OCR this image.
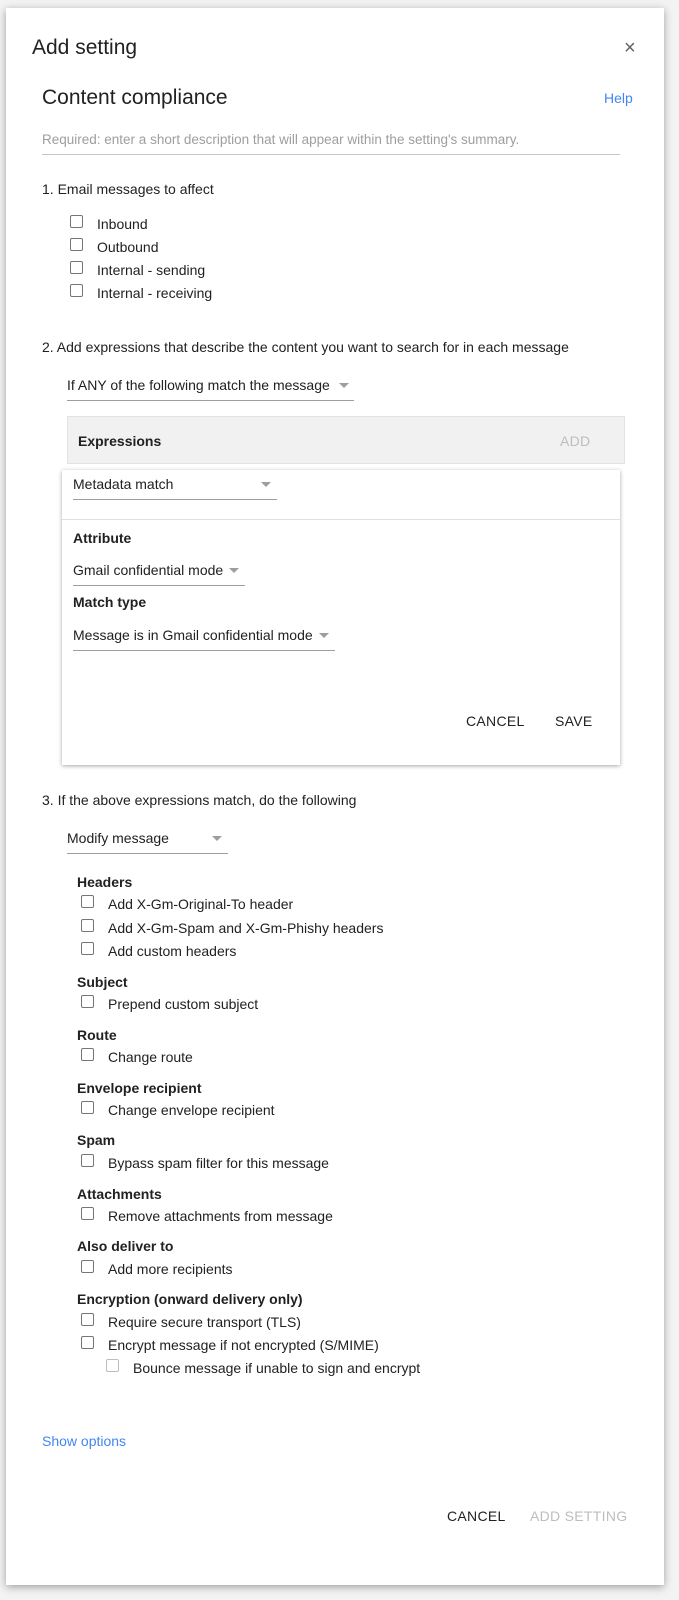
Add setting	×
Content compliance	Help
Required: enter a short description that will appear within the setting's summary.
1. Email messages to affect
Inbound
Outbound
Internal - sending
Internal - receiving
2. Add expressions that describe the content you want to search for in each message
If ANY of the following match the message
Expressions	ADD
Metadata match
Attribute
Gmail confidential mode
Match type
Message is in Gmail confidential mode
CANCEL SAVE
3. If the above expressions match, do the following
Modify message
Headers
Add X-Gm-Original-To header
Add X-Gm-Spam and X-Gm-Phishy headers
Add custom headers
Subject
Prepend custom subject
Route
Change route
Envelope recipient
Change envelope recipient
Spam
Bypass spam filter for this message
Attachments
Remove attachments from message
Also deliver to
Add more recipients
Encryption (onward delivery only)
Require secure transport (TLS)
Encrypt message if not encrypted (S/MIME)
Bounce message if unable to sign and encrypt
Show options
CANCEL ADD SETTING
